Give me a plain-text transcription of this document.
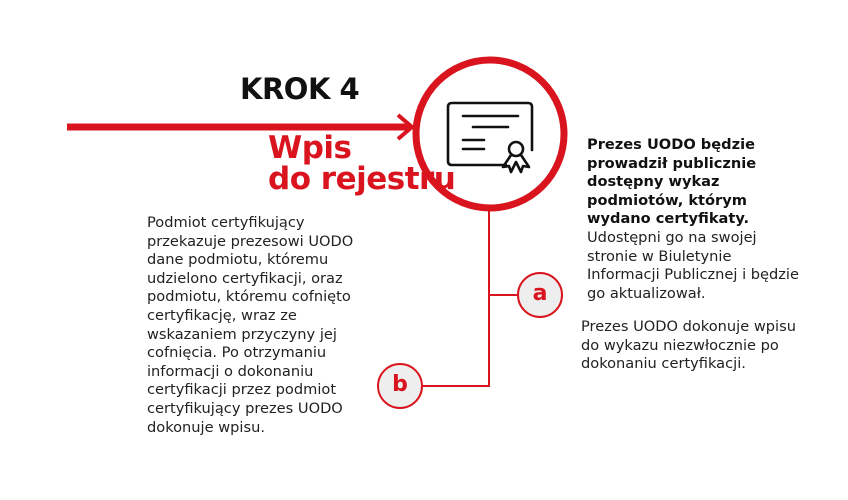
KROK 4
Wpis
do rejestru
a
b
Podmiot certyfikujący przekazuje prezesowi UODO dane podmiotu, któremu udzielono certyfikacji, oraz podmiotu, któremu cofnięto certyfikację, wraz ze wskazaniem przyczyny jej cofnięcia. Po otrzymaniu informacji o dokonaniu certyfikacji przez podmiot certyfikujący prezes UODO dokonuje wpisu.
Prezes UODO będzie prowadził publicznie dostępny wykaz podmiotów, którym wydano certyfikaty. Udostępni go na swojej stronie w Biuletynie Informacji Publicznej i będzie go aktualizował.
Prezes UODO dokonuje wpisu do wykazu niezwłocznie po dokonaniu certyfikacji.
